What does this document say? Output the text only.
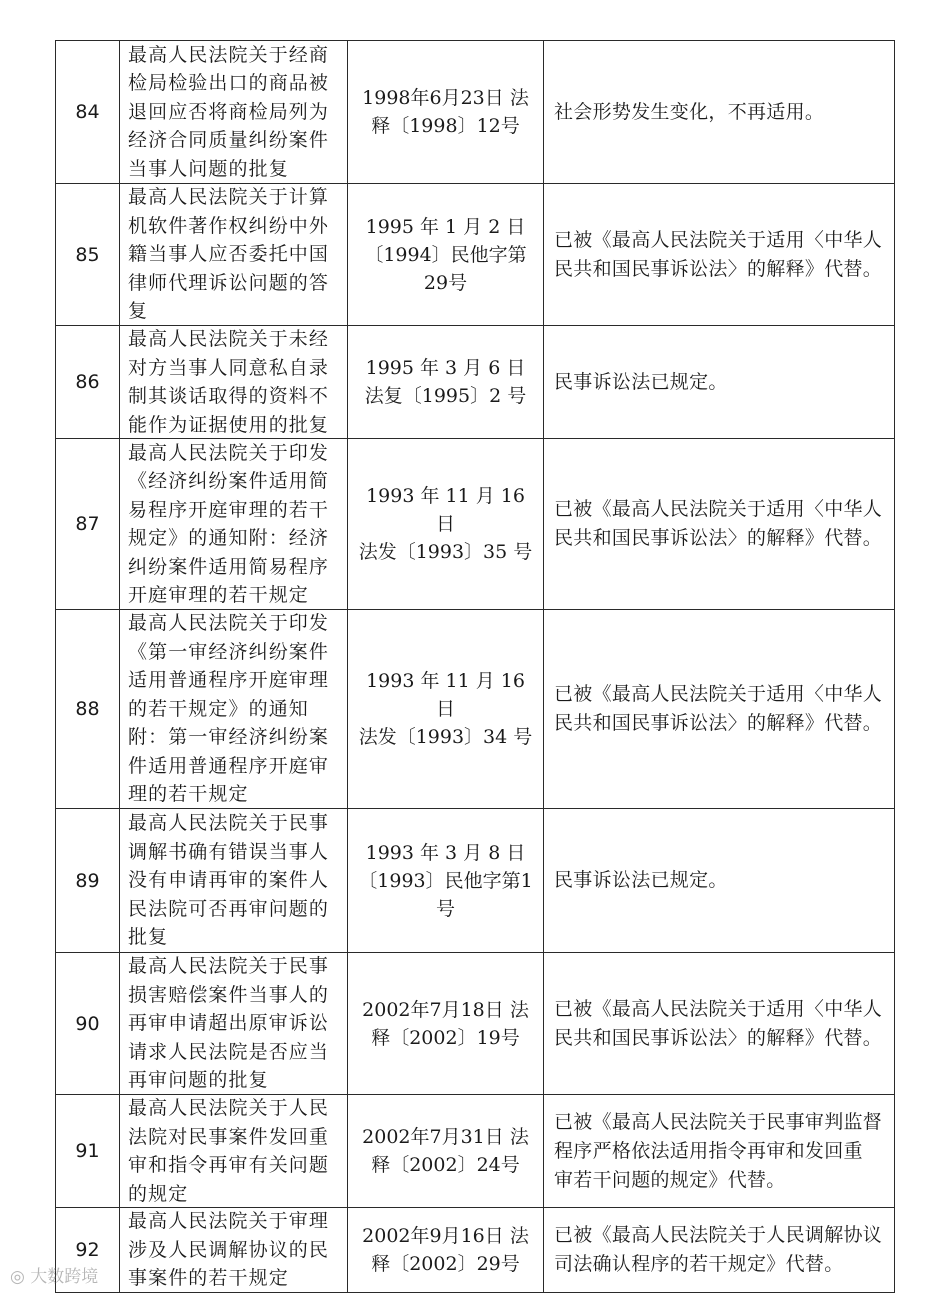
84
最高人民法院关于经商
检局检验出口的商品被
退回应否将商检局列为
经济合同质量纠纷案件
当事人问题的批复
1998年6月23日 法
释〔1998〕12号
社会形势发生变化，不再适用。
85
最高人民法院关于计算
机软件著作权纠纷中外
籍当事人应否委托中国
律师代理诉讼问题的答
复
1995 年 1 月 2 日
〔1994〕民他字第29号
已被《最高人民法院关于适用〈中华人
民共和国民事诉讼法〉的解释》代替。
86
最高人民法院关于未经
对方当事人同意私自录
制其谈话取得的资料不
能作为证据使用的批复
1995 年 3 月 6 日
法复〔1995〕2 号
民事诉讼法已规定。
87
最高人民法院关于印发
《经济纠纷案件适用简
易程序开庭审理的若干
规定》的通知附：经济
纠纷案件适用简易程序
开庭审理的若干规定
1993 年 11 月 16 日
法发〔1993〕35 号
已被《最高人民法院关于适用〈中华人
民共和国民事诉讼法〉的解释》代替。
88
最高人民法院关于印发
《第一审经济纠纷案件
适用普通程序开庭审理
的若干规定》的通知
附：第一审经济纠纷案
件适用普通程序开庭审
理的若干规定
1993 年 11 月 16 日
法发〔1993〕34 号
已被《最高人民法院关于适用〈中华人
民共和国民事诉讼法〉的解释》代替。
89
最高人民法院关于民事
调解书确有错误当事人
没有申请再审的案件人
民法院可否再审问题的
批复
1993 年 3 月 8 日
〔1993〕民他字第1号
民事诉讼法已规定。
90
最高人民法院关于民事
损害赔偿案件当事人的
再审申请超出原审诉讼
请求人民法院是否应当
再审问题的批复
2002年7月18日 法
释〔2002〕19号
已被《最高人民法院关于适用〈中华人
民共和国民事诉讼法〉的解释》代替。
91
最高人民法院关于人民
法院对民事案件发回重
审和指令再审有关问题
的规定
2002年7月31日 法
释〔2002〕24号
已被《最高人民法院关于民事审判监督
程序严格依法适用指令再审和发回重
审若干问题的规定》代替。
92
最高人民法院关于审理
涉及人民调解协议的民
事案件的若干规定
2002年9月16日 法
释〔2002〕29号
已被《最高人民法院关于人民调解协议
司法确认程序的若干规定》代替。
◎ 大数跨境
